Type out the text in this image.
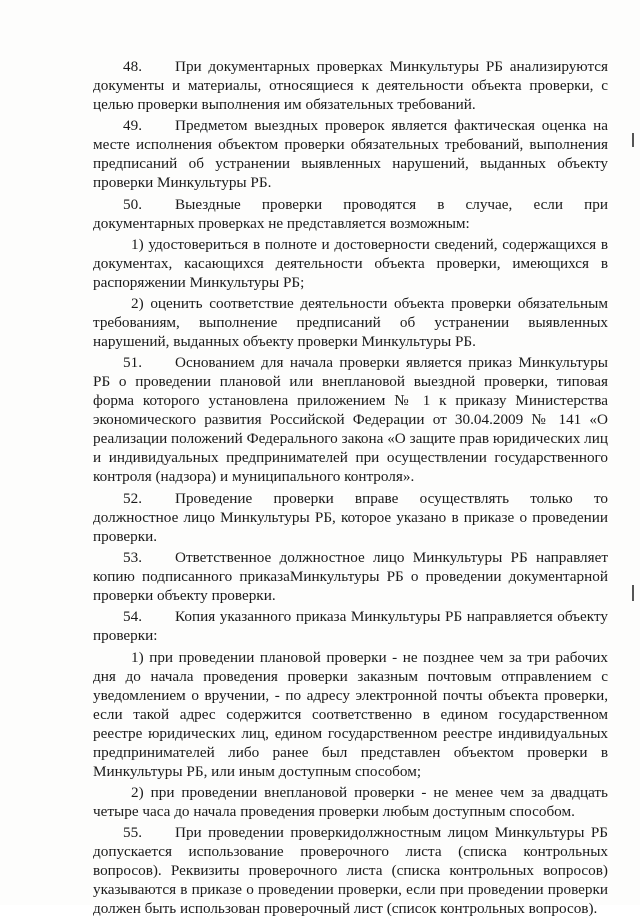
48. При документарных проверках Минкультуры РБ анализируются документы и материалы, относящиеся к деятельности объекта проверки, с целью проверки выполнения им обязательных требований.

49. Предметом выездных проверок является фактическая оценка на месте исполнения объектом проверки обязательных требований, выполнения предписаний об устранении выявленных нарушений, выданных объекту проверки Минкультуры РБ.

50. Выездные проверки проводятся в случае, если при документарных проверках не представляется возможным:

1) удостовериться в полноте и достоверности сведений, содержащихся в документах, касающихся деятельности объекта проверки, имеющихся в распоряжении Минкультуры РБ;

2) оценить соответствие деятельности объекта проверки обязательным требованиям, выполнение предписаний об устранении выявленных нарушений, выданных объекту проверки Минкультуры РБ.

51. Основанием для начала проверки является приказ Минкультуры РБ о проведении плановой или внеплановой выездной проверки, типовая форма которого установлена приложением № 1 к приказу Министерства экономического развития Российской Федерации от 30.04.2009 № 141 «О реализации положений Федерального закона «О защите прав юридических лиц и индивидуальных предпринимателей при осуществлении государственного контроля (надзора) и муниципального контроля».

52. Проведение проверки вправе осуществлять только то должностное лицо Минкультуры РБ, которое указано в приказе о проведении проверки.

53. Ответственное должностное лицо Минкультуры РБ направляет копию подписанного приказаМинкультуры РБ о проведении документарной проверки объекту проверки.

54. Копия указанного приказа Минкультуры РБ направляется объекту проверки:

1) при проведении плановой проверки - не позднее чем за три рабочих дня до начала проведения проверки заказным почтовым отправлением с уведомлением о вручении, - по адресу электронной почты объекта проверки, если такой адрес содержится соответственно в едином государственном реестре юридических лиц, едином государственном реестре индивидуальных предпринимателей либо ранее был представлен объектом проверки в Минкультуры РБ, или иным доступным способом;

2) при проведении внеплановой проверки - не менее чем за двадцать четыре часа до начала проведения проверки любым доступным способом.

55. При проведении проверкидолжностным лицом Минкультуры РБ допускается использование проверочного листа (списка контрольных вопросов). Реквизиты проверочного листа (списка контрольных вопросов) указываются в приказе о проведении проверки, если при проведении проверки должен быть использован проверочный лист (список контрольных вопросов).
